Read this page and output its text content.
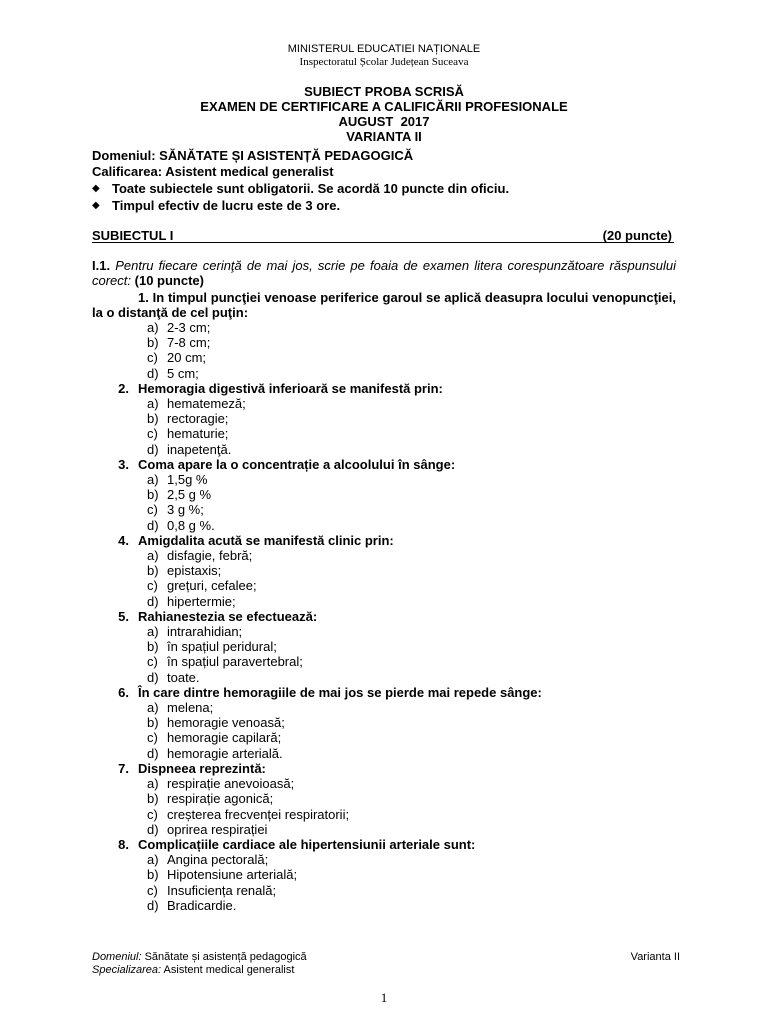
MINISTERUL EDUCATIEI NAȚIONALE
Inspectoratul Școlar Județean Suceava
SUBIECT PROBA SCRISĂ
EXAMEN DE CERTIFICARE A CALIFICĂRII PROFESIONALE
AUGUST  2017
VARIANTA II
Domeniul: SĂNĂTATE ȘI ASISTENȚĂ PEDAGOGICĂ
Calificarea: Asistent medical generalist
◆ Toate subiectele sunt obligatorii. Se acordă 10 puncte din oficiu.
◆ Timpul efectiv de lucru este de 3 ore.
SUBIECTUL I	(20 puncte)
I.1. Pentru fiecare cerinţă de mai jos, scrie pe foaia de examen litera corespunzătoare răspunsului corect: (10 puncte)
1. In timpul puncţiei venoase periferice garoul se aplică deasupra locului venopuncţiei, la o distanţă de cel puţin:
a) 2-3 cm;
b) 7-8 cm;
c) 20 cm;
d) 5 cm;
2. Hemoragia digestivă inferioară se manifestă prin:
a) hematemeză;
b) rectoragie;
c) hematurie;
d) inapetenţă.
3. Coma apare la o concentrație a alcoolului în sânge:
a) 1,5g %
b) 2,5 g %
c) 3 g %;
d) 0,8 g %.
4. Amigdalita acută se manifestă clinic prin:
a) disfagie, febră;
b) epistaxis;
c) grețuri, cefalee;
d) hipertermie;
5. Rahianestezia se efectuează:
a) intrarahidian;
b) în spațiul peridural;
c) în spațiul paravertebral;
d) toate.
6. În care dintre hemoragiile de mai jos se pierde mai repede sânge:
a) melena;
b) hemoragie venoasă;
c) hemoragie capilară;
d) hemoragie arterială.
7. Dispneea reprezintă:
a) respirație anevoioasă;
b) respirație agonică;
c) creșterea frecvenței respiratorii;
d) oprirea respirației
8. Complicațiile cardiace ale hipertensiunii arteriale sunt:
a) Angina pectorală;
b) Hipotensiune arterială;
c) Insuficiența renală;
d) Bradicardie.
Domeniul: Sănătate și asistență pedagogică	Varianta II
Specializarea: Asistent medical generalist
1
